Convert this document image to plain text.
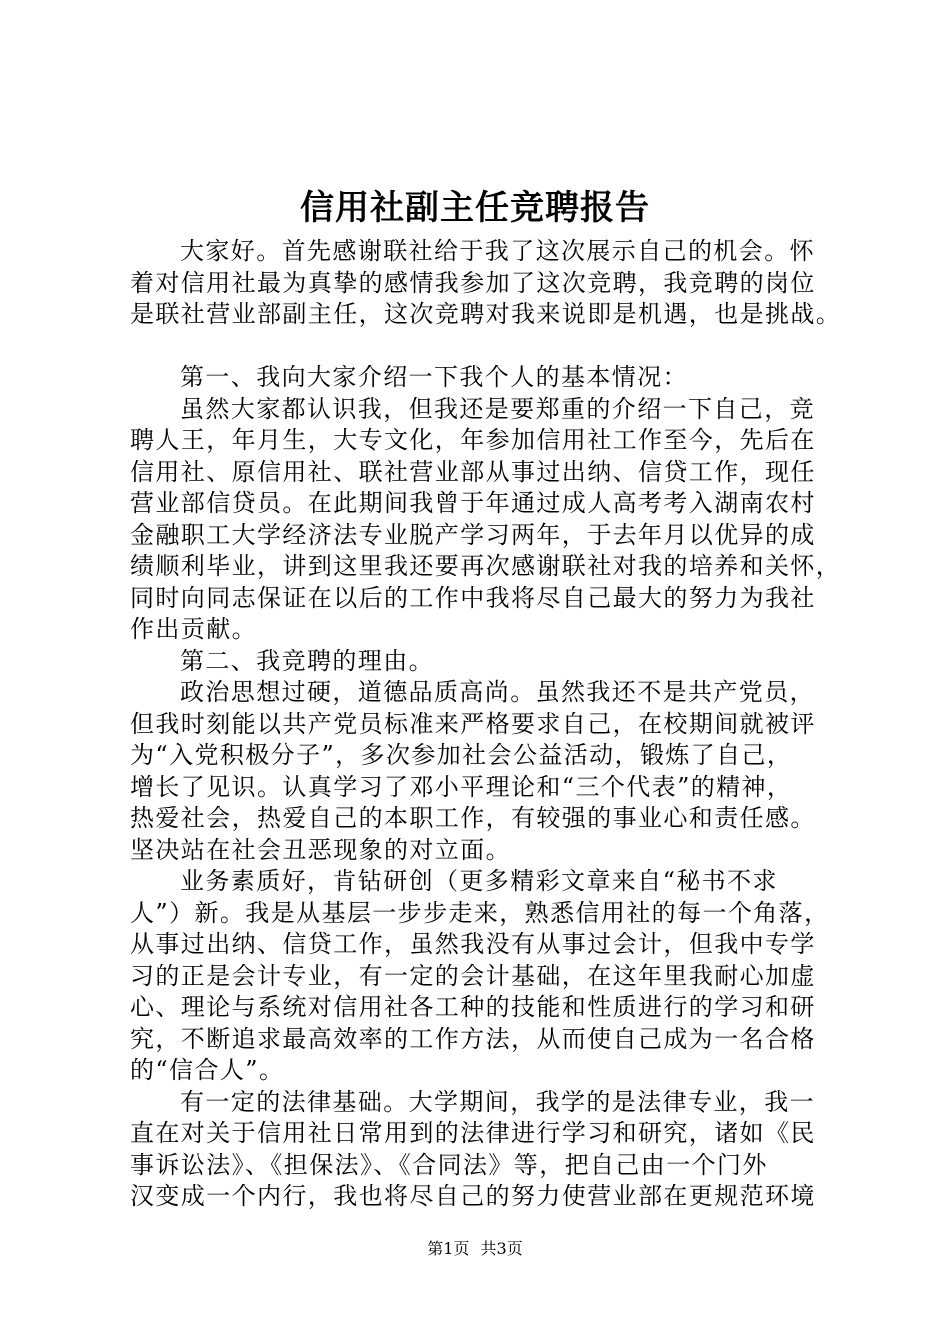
信用社副主任竞聘报告
大家好。首先感谢联社给于我了这次展示自己的机会。怀
着对信用社最为真挚的感情我参加了这次竞聘，我竞聘的岗位
是联社营业部副主任，这次竞聘对我来说即是机遇，也是挑战。
第一、我向大家介绍一下我个人的基本情况：
虽然大家都认识我，但我还是要郑重的介绍一下自己，竞
聘人王，年月生，大专文化，年参加信用社工作至今，先后在
信用社、原信用社、联社营业部从事过出纳、信贷工作，现任
营业部信贷员。在此期间我曾于年通过成人高考考入湖南农村
金融职工大学经济法专业脱产学习两年，于去年月以优异的成
绩顺利毕业，讲到这里我还要再次感谢联社对我的培养和关怀，
同时向同志保证在以后的工作中我将尽自己最大的努力为我社
作出贡献。
第二、我竞聘的理由。
政治思想过硬，道德品质高尚。虽然我还不是共产党员，
但我时刻能以共产党员标准来严格要求自己，在校期间就被评
为“入党积极分子”，多次参加社会公益活动，锻炼了自己，
增长了见识。认真学习了邓小平理论和“三个代表”的精神，
热爱社会，热爱自己的本职工作，有较强的事业心和责任感。
坚决站在社会丑恶现象的对立面。
业务素质好，肯钻研创（更多精彩文章来自“秘书不求
人”）新。我是从基层一步步走来，熟悉信用社的每一个角落，
从事过出纳、信贷工作，虽然我没有从事过会计，但我中专学
习的正是会计专业，有一定的会计基础，在这年里我耐心加虚
心、理论与系统对信用社各工种的技能和性质进行的学习和研
究，不断追求最高效率的工作方法，从而使自己成为一名合格
的“信合人”。
有一定的法律基础。大学期间，我学的是法律专业，我一
直在对关于信用社日常用到的法律进行学习和研究，诸如《民
事诉讼法》、《担保法》、《合同法》等，把自己由一个门外
汉变成一个内行，我也将尽自己的努力使营业部在更规范环境
第1页 共3页
